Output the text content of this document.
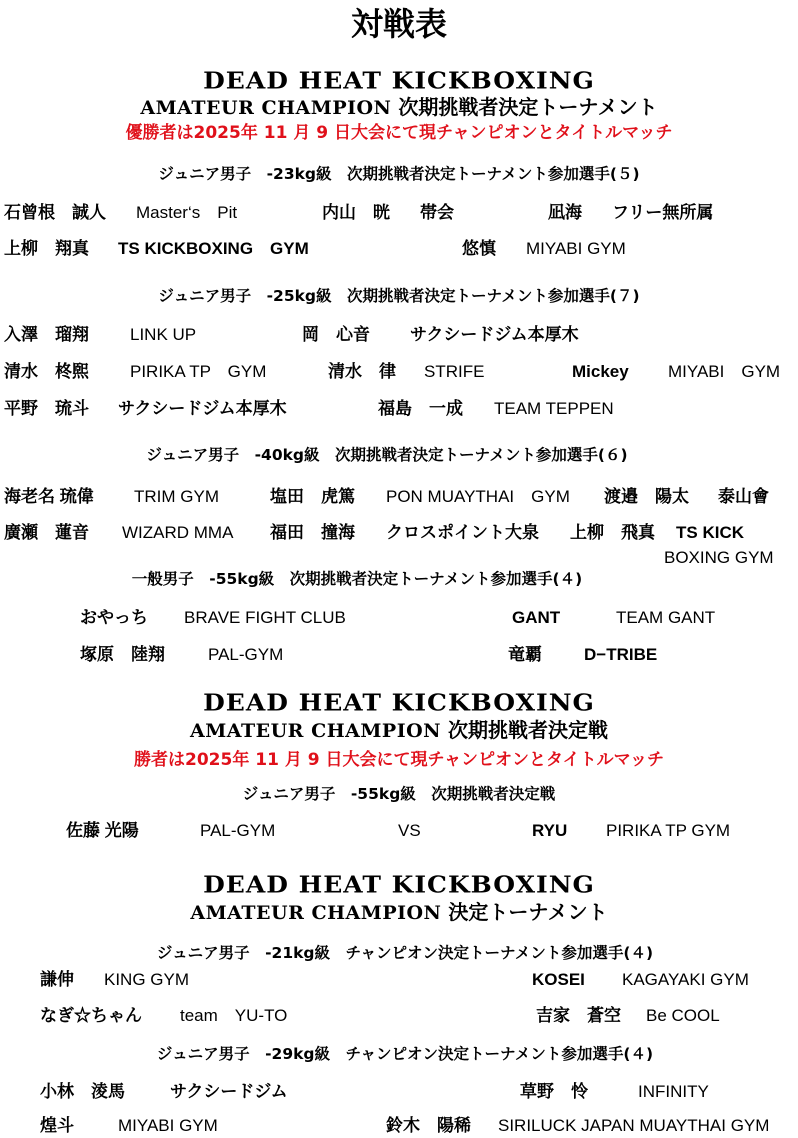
対戦表
DEAD HEAT KICKBOXING
AMATEUR CHAMPION 次期挑戦者決定トーナメント
優勝者は2025年 11 月 9 日大会にて現チャンピオンとタイトルマッチ
ジュニア男子　-23kg級　次期挑戦者決定トーナメント参加選手(５)
石曾根　誠人 Master‘s　Pit	内山　晄 帯会	凪海 フリー無所属
上柳　翔真 TS KICKBOXING　GYM	悠慎 MIYABI GYM
ジュニア男子　-25kg級　次期挑戦者決定トーナメント参加選手(７)
入澤　瑠翔 LINK UP	岡　心音 サクシードジム本厚木
清水　柊煕 PIRIKA TP　GYM	清水　律 STRIFE	Mickey MIYABI　GYM
平野　琉斗 サクシードジム本厚木	福島　一成 TEAM TEPPEN
ジュニア男子　-40kg級　次期挑戦者決定トーナメント参加選手(６)
海老名 琉偉 TRIM GYM	塩田　虎篤 PON MUAYTHAI　GYM 渡邉　陽太 泰山會
廣瀬　蓮音 WIZARD MMA 福田　撞海 クロスポイント大泉 上柳　飛真 TS KICK
BOXING GYM
一般男子　-55kg級　次期挑戦者決定トーナメント参加選手(４)
おやっち BRAVE FIGHT CLUB	GANT	TEAM GANT
塚原　陸翔	PAL-GYM	竜覇 D−TRIBE
DEAD HEAT KICKBOXING
AMATEUR CHAMPION 次期挑戦者決定戦
勝者は2025年 11 月 9 日大会にて現チャンピオンとタイトルマッチ
ジュニア男子　-55kg級　次期挑戦者決定戦
佐藤 光陽	PAL-GYM	VS	RYU PIRIKA TP GYM
DEAD HEAT KICKBOXING
AMATEUR CHAMPION 決定トーナメント
ジュニア男子　-21kg級　チャンピオン決定トーナメント参加選手(４)
謙伸 KING GYM	KOSEI KAGAYAKI GYM
なぎ☆ちゃん team　YU-TO	吉家　蒼空 Be COOL
ジュニア男子　-29kg級　チャンピオン決定トーナメント参加選手(４)
小林　淩馬	サクシードジム	草野　怜	INFINITY
煌斗	MIYABI GYM	鈴木　陽稀 SIRILUCK JAPAN MUAYTHAI GYM
